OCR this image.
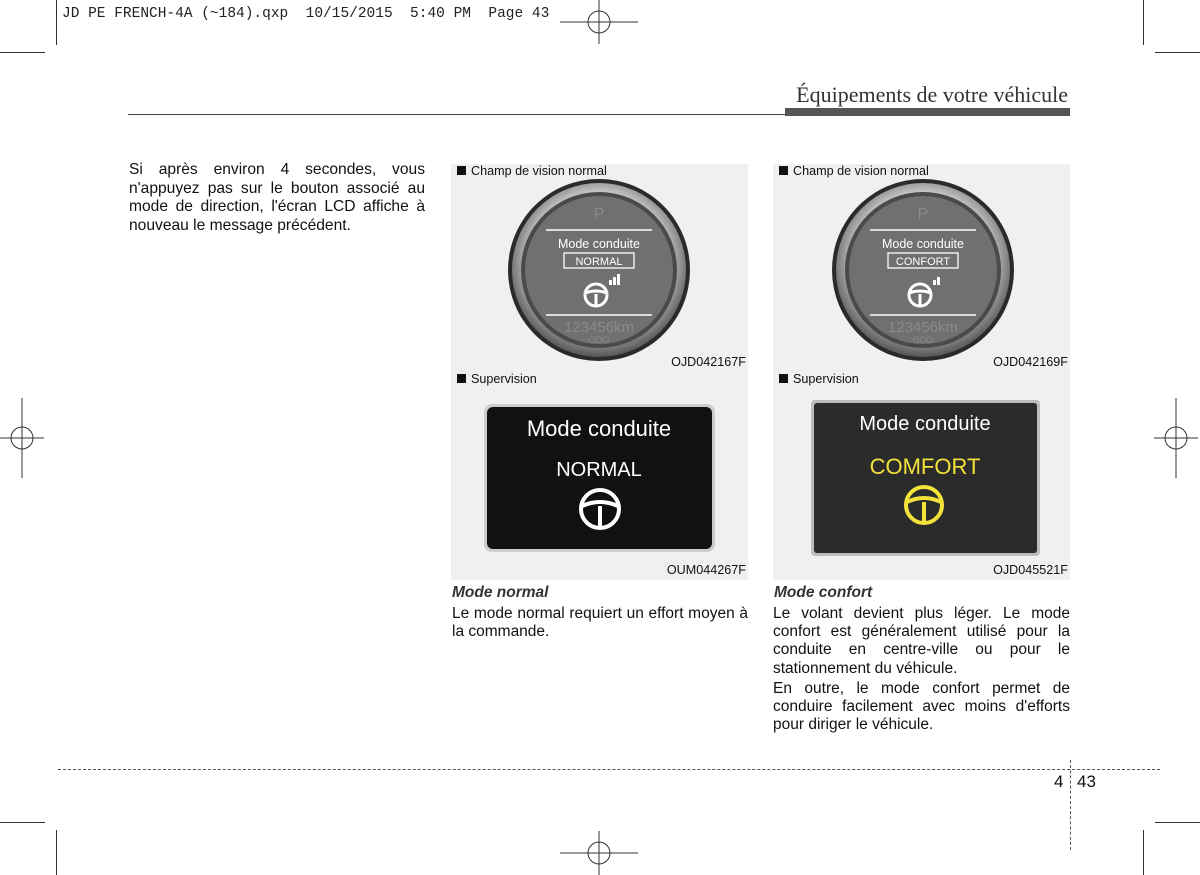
JD PE FRENCH-4A (~184).qxp  10/15/2015  5:40 PM  Page 43
Équipements de votre véhicule
Si après environ 4 secondes, vous n'appuyez pas sur le bouton associé au mode de direction, l'écran LCD affiche à nouveau le message précédent.
Champ de vision normal
P
Mode conduite
NORMAL
123456km
ODO
OJD042167F
Supervision
Mode conduite
NORMAL
OUM044267F
Champ de vision normal
P
Mode conduite
CONFORT
123456km
ODO
OJD042169F
Supervision
Mode conduite
COMFORT
OJD045521F
Mode normal

Le mode normal requiert un effort moyen à la commande.

Mode confort

Le volant devient plus léger. Le mode confort est généralement utilisé pour la conduite en centre-ville ou pour le stationnement du véhicule.

En outre, le mode confort permet de conduire facilement avec moins d'efforts pour diriger le véhicule.

4 43
